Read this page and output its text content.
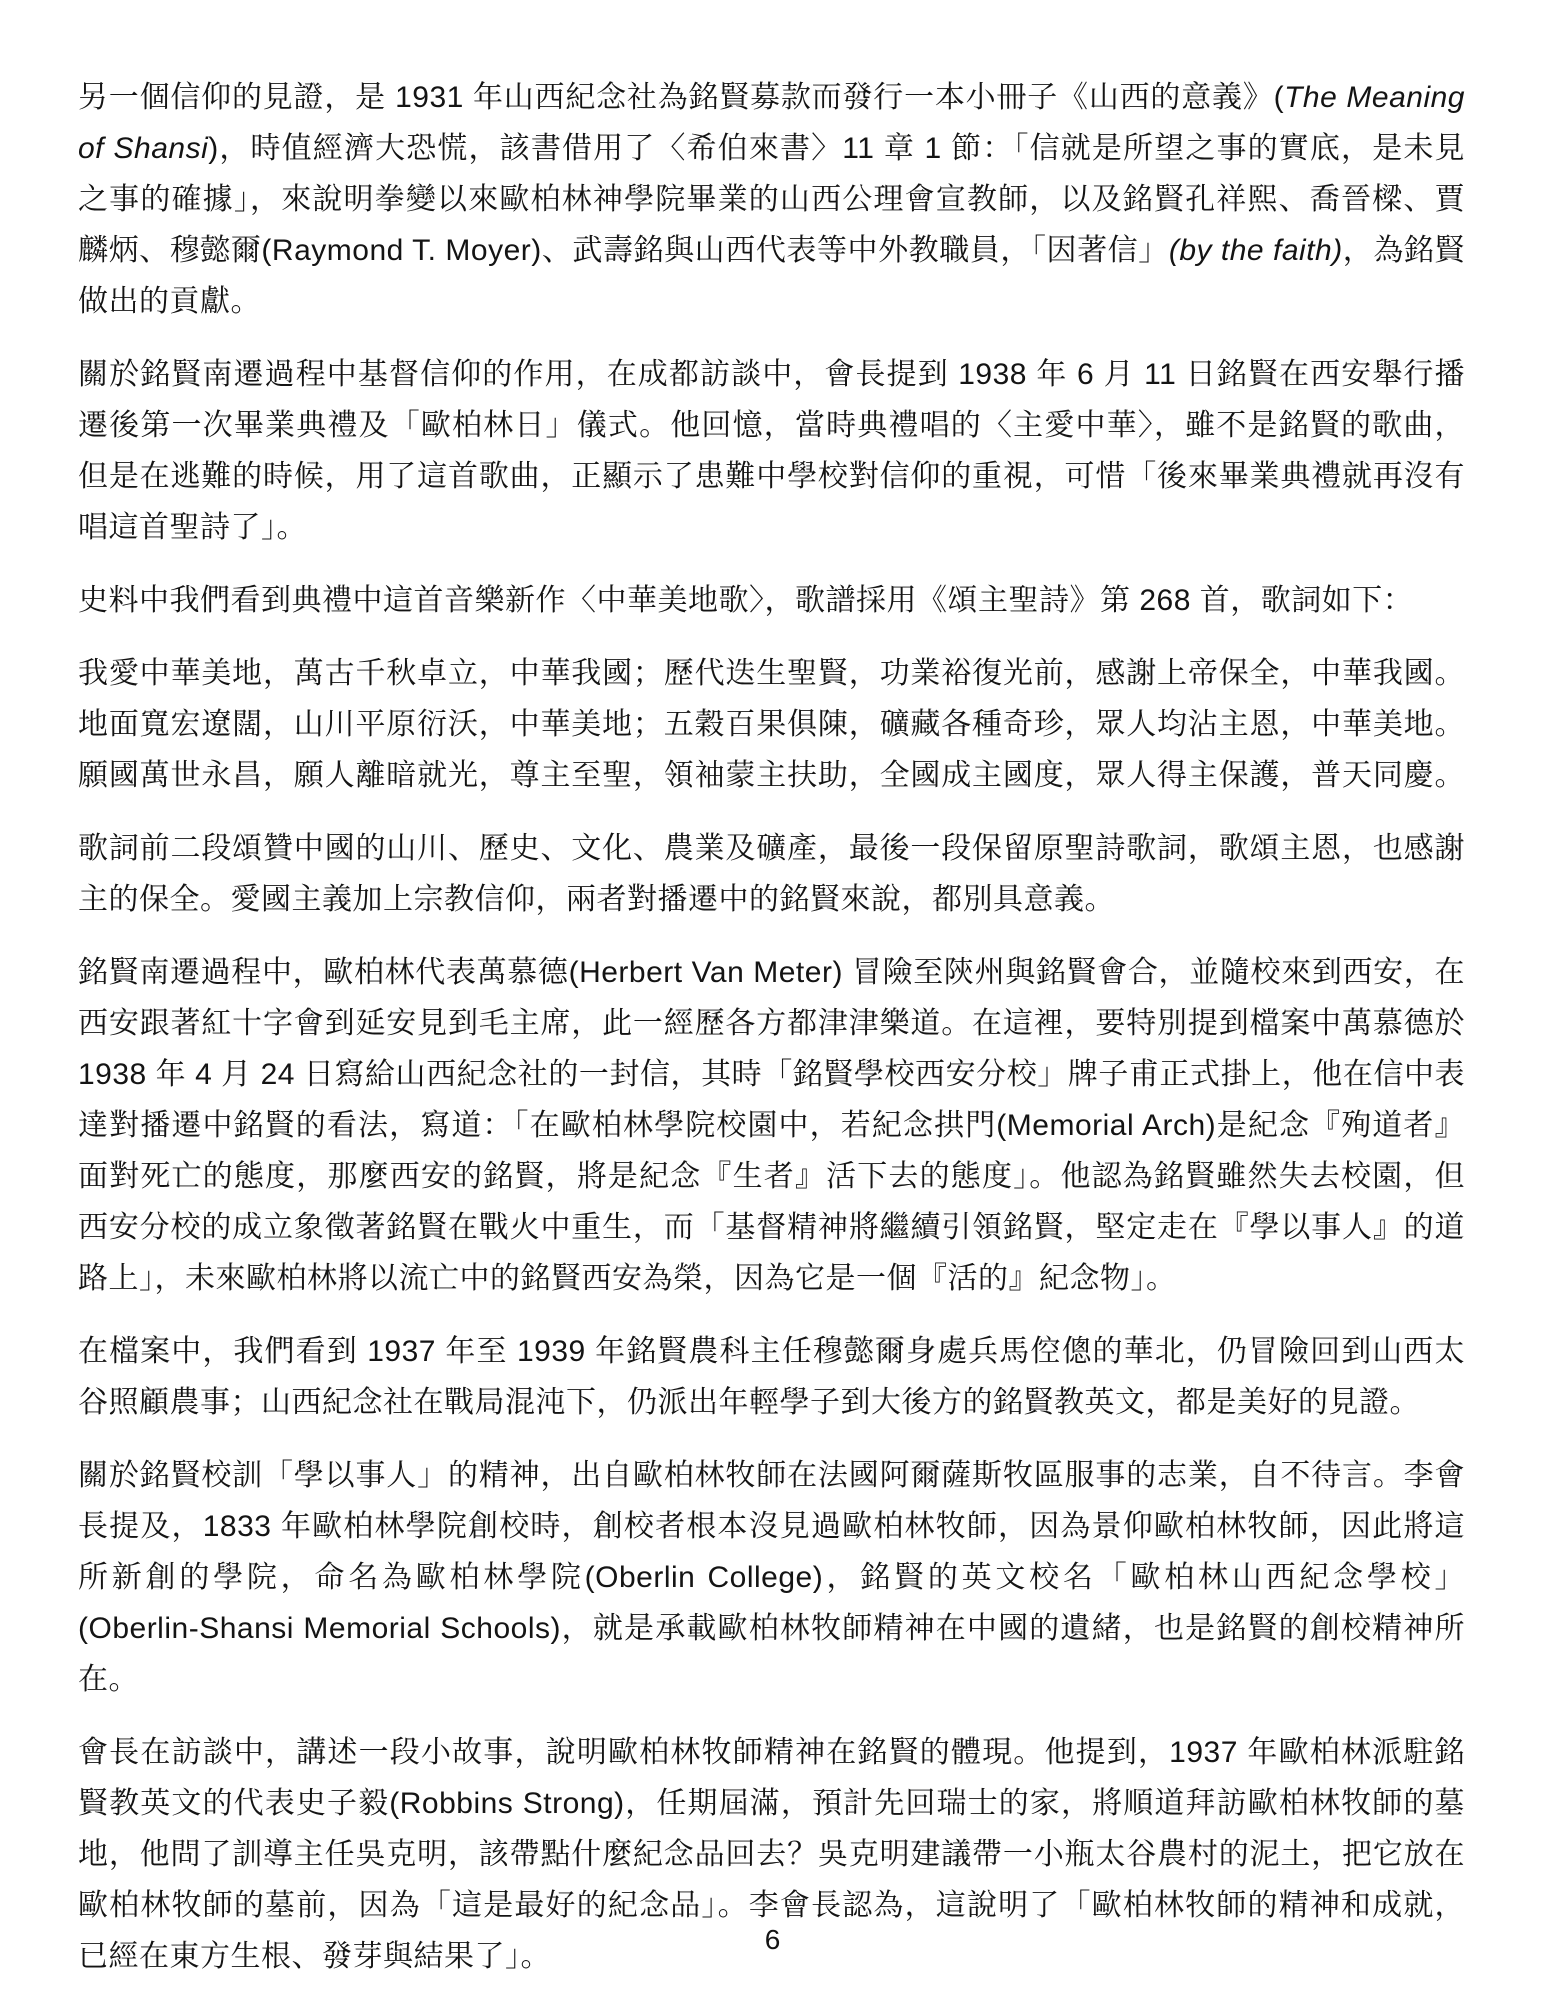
另一個信仰的見證，是 1931 年山西紀念社為銘賢募款而發行一本小冊子《山西的意義》(The Meaning of Shansi)，時值經濟大恐慌，該書借用了〈希伯來書〉11 章 1 節：「信就是所望之事的實底，是未見之事的確據」，來說明拳變以來歐柏林神學院畢業的山西公理會宣教師，以及銘賢孔祥熙、喬晉樑、賈麟炳、穆懿爾(Raymond T. Moyer)、武壽銘與山西代表等中外教職員，「因著信」(by the faith)，為銘賢做出的貢獻。

關於銘賢南遷過程中基督信仰的作用，在成都訪談中，會長提到 1938 年 6 月 11 日銘賢在西安舉行播遷後第一次畢業典禮及「歐柏林日」儀式。他回憶，當時典禮唱的〈主愛中華〉，雖不是銘賢的歌曲，但是在逃難的時候，用了這首歌曲，正顯示了患難中學校對信仰的重視，可惜「後來畢業典禮就再沒有唱這首聖詩了」。

史料中我們看到典禮中這首音樂新作〈中華美地歌〉，歌譜採用《頌主聖詩》第 268 首，歌詞如下：

我愛中華美地，萬古千秋卓立，中華我國；歷代迭生聖賢，功業裕復光前，感謝上帝保全，中華我國。
地面寬宏遼闊，山川平原衍沃，中華美地；五穀百果俱陳，礦藏各種奇珍，眾人均沾主恩，中華美地。
願國萬世永昌，願人離暗就光，尊主至聖，領袖蒙主扶助，全國成主國度，眾人得主保護，普天同慶。

歌詞前二段頌贊中國的山川、歷史、文化、農業及礦產，最後一段保留原聖詩歌詞，歌頌主恩，也感謝主的保全。愛國主義加上宗教信仰，兩者對播遷中的銘賢來說，都別具意義。

銘賢南遷過程中，歐柏林代表萬慕德(Herbert Van Meter) 冒險至陝州與銘賢會合，並隨校來到西安，在西安跟著紅十字會到延安見到毛主席，此一經歷各方都津津樂道。在這裡，要特別提到檔案中萬慕德於 1938 年 4 月 24 日寫給山西紀念社的一封信，其時「銘賢學校西安分校」牌子甫正式掛上，他在信中表達對播遷中銘賢的看法，寫道：「在歐柏林學院校園中，若紀念拱門(Memorial Arch)是紀念『殉道者』面對死亡的態度，那麼西安的銘賢，將是紀念『生者』活下去的態度」。他認為銘賢雖然失去校園，但西安分校的成立象徵著銘賢在戰火中重生，而「基督精神將繼續引領銘賢，堅定走在『學以事人』的道路上」，未來歐柏林將以流亡中的銘賢西安為榮，因為它是一個『活的』紀念物」。

在檔案中，我們看到 1937 年至 1939 年銘賢農科主任穆懿爾身處兵馬倥傯的華北，仍冒險回到山西太谷照顧農事；山西紀念社在戰局混沌下，仍派出年輕學子到大後方的銘賢教英文，都是美好的見證。

關於銘賢校訓「學以事人」的精神，出自歐柏林牧師在法國阿爾薩斯牧區服事的志業，自不待言。李會長提及，1833 年歐柏林學院創校時，創校者根本沒見過歐柏林牧師，因為景仰歐柏林牧師，因此將這所新創的學院，命名為歐柏林學院(Oberlin College)，銘賢的英文校名「歐柏林山西紀念學校」(Oberlin-Shansi Memorial Schools)，就是承載歐柏林牧師精神在中國的遺緒，也是銘賢的創校精神所在。

會長在訪談中，講述一段小故事，說明歐柏林牧師精神在銘賢的體現。他提到，1937 年歐柏林派駐銘賢教英文的代表史子毅(Robbins Strong)，任期屆滿，預計先回瑞士的家，將順道拜訪歐柏林牧師的墓地，他問了訓導主任吳克明，該帶點什麼紀念品回去？吳克明建議帶一小瓶太谷農村的泥土，把它放在歐柏林牧師的墓前，因為「這是最好的紀念品」。李會長認為，這說明了「歐柏林牧師的精神和成就，已經在東方生根、發芽與結果了」。

6
